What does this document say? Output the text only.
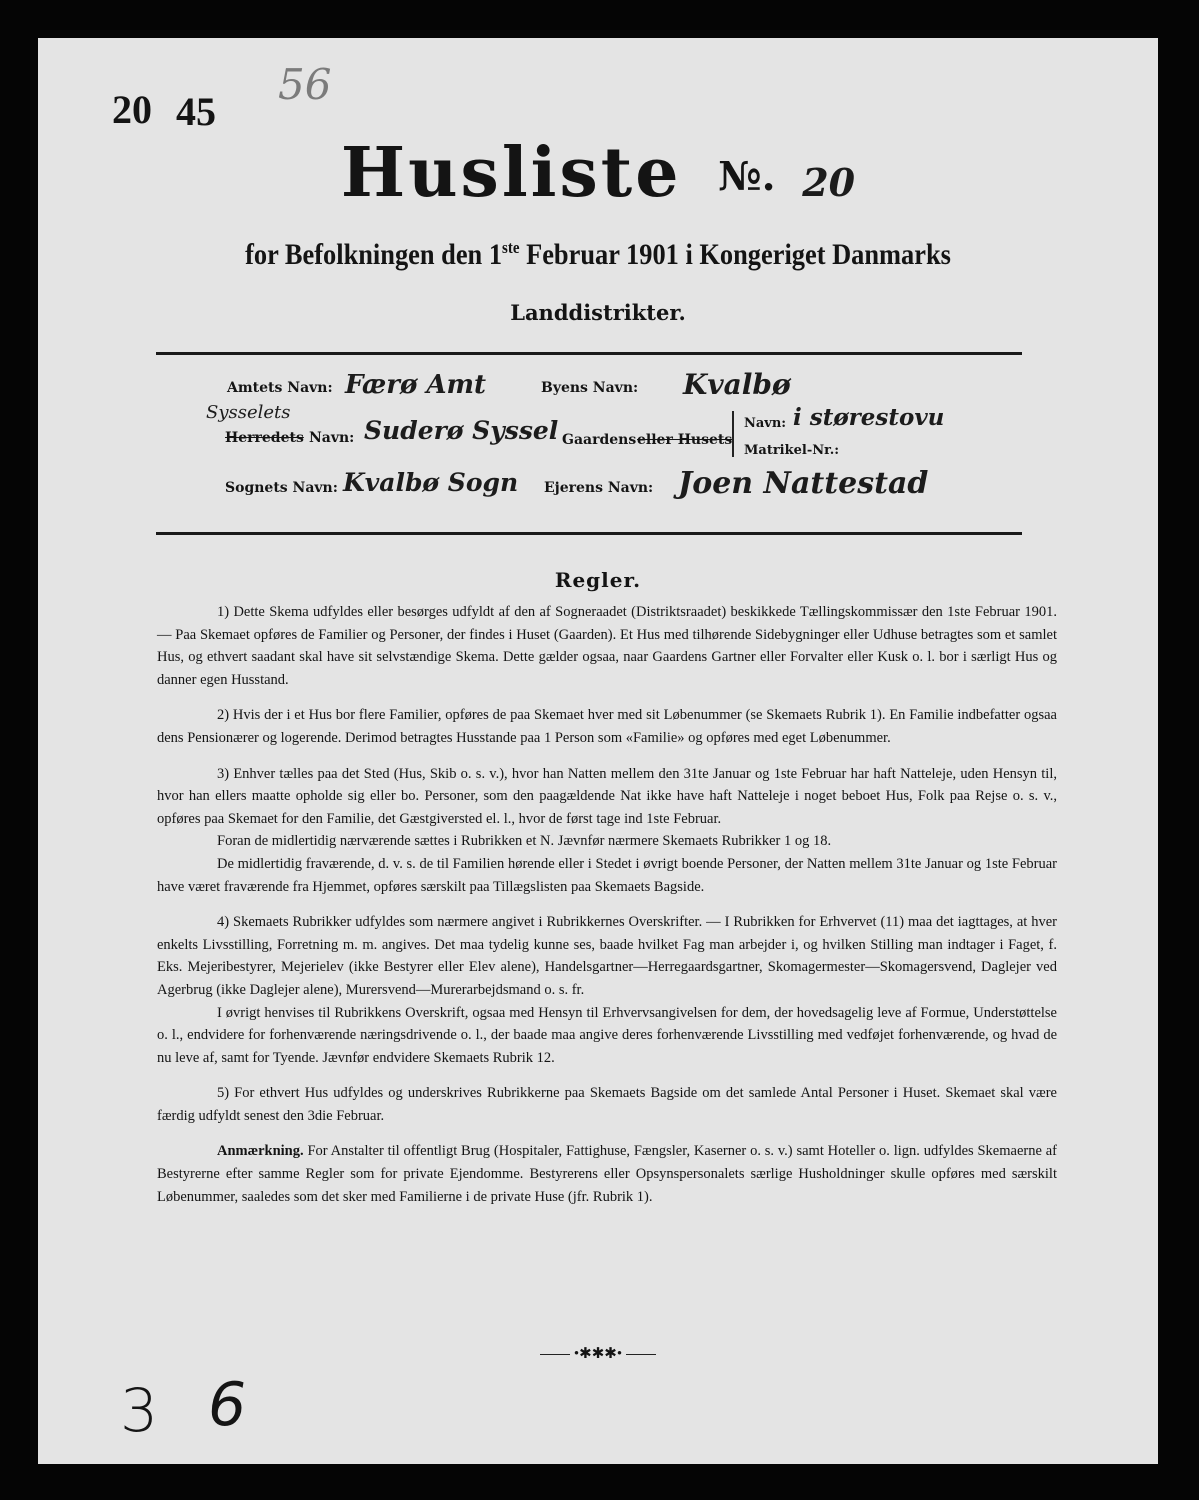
20 45
56
Husliste №. 20
for Befolkningen den 1ste Februar 1901 i Kongeriget Danmarks
Landdistrikter.
Amtets Navn: Færø Amt	Byens Navn: Kvalbø
Sysselets
Herredets Navn: Suderø Syssel Gaardens eller Husets
Navn: i størestovu
Matrikel-Nr.:
Sognets Navn: Kvalbø Sogn Ejerens Navn: Joen Nattestad
Regler.

1) Dette Skema udfyldes eller besørges udfyldt af den af Sogneraadet (Distriktsraadet) beskikkede Tællingskommissær den 1ste Februar 1901. — Paa Skemaet opføres de Familier og Personer, der findes i Huset (Gaarden). Et Hus med tilhørende Sidebygninger eller Udhuse betragtes som et samlet Hus, og ethvert saadant skal have sit selvstændige Skema. Dette gælder ogsaa, naar Gaardens Gartner eller Forvalter eller Kusk o. l. bor i særligt Hus og danner egen Husstand.

2) Hvis der i et Hus bor flere Familier, opføres de paa Skemaet hver med sit Løbenummer (se Skemaets Rubrik 1). En Familie indbefatter ogsaa dens Pensionærer og logerende. Derimod betragtes Husstande paa 1 Person som «Familie» og opføres med eget Løbenummer.

3) Enhver tælles paa det Sted (Hus, Skib o. s. v.), hvor han Natten mellem den 31te Januar og 1ste Februar har haft Natteleje, uden Hensyn til, hvor han ellers maatte opholde sig eller bo. Personer, som den paagældende Nat ikke have haft Natteleje i noget beboet Hus, Folk paa Rejse o. s. v., opføres paa Skemaet for den Familie, det Gæstgiversted el. l., hvor de først tage ind 1ste Februar.

Foran de midlertidig nærværende sættes i Rubrikken et N. Jævnfør nærmere Skemaets Rubrikker 1 og 18.

De midlertidig fraværende, d. v. s. de til Familien hørende eller i Stedet i øvrigt boende Personer, der Natten mellem 31te Januar og 1ste Februar have været fraværende fra Hjemmet, opføres særskilt paa Tillægslisten paa Skemaets Bagside.

4) Skemaets Rubrikker udfyldes som nærmere angivet i Rubrikkernes Overskrifter. — I Rubrikken for Erhvervet (11) maa det iagttages, at hver enkelts Livsstilling, Forretning m. m. angives. Det maa tydelig kunne ses, baade hvilket Fag man arbejder i, og hvilken Stilling man indtager i Faget, f. Eks. Mejeribestyrer, Mejerielev (ikke Bestyrer eller Elev alene), Handelsgartner—Herregaardsgartner, Skomagermester—Skomagersvend, Daglejer ved Agerbrug (ikke Daglejer alene), Murersvend—Murerarbejdsmand o. s. fr.

I øvrigt henvises til Rubrikkens Overskrift, ogsaa med Hensyn til Erhvervsangivelsen for dem, der hovedsagelig leve af Formue, Understøttelse o. l., endvidere for forhenværende næringsdrivende o. l., der baade maa angive deres forhenværende Livsstilling med vedføjet forhenværende, og hvad de nu leve af, samt for Tyende. Jævnfør endvidere Skemaets Rubrik 12.

5) For ethvert Hus udfyldes og underskrives Rubrikkerne paa Skemaets Bagside om det samlede Antal Personer i Huset. Skemaet skal være færdig udfyldt senest den 3die Februar.

Anmærkning. For Anstalter til offentligt Brug (Hospitaler, Fattighuse, Fængsler, Kaserner o. s. v.) samt Hoteller o. lign. udfyldes Skemaerne af Bestyrerne efter samme Regler som for private Ejendomme. Bestyrerens eller Opsynspersonalets særlige Husholdninger skulle opføres med særskilt Løbenummer, saaledes som det sker med Familierne i de private Huse (jfr. Rubrik 1).

•✱✱✱•
3 6
